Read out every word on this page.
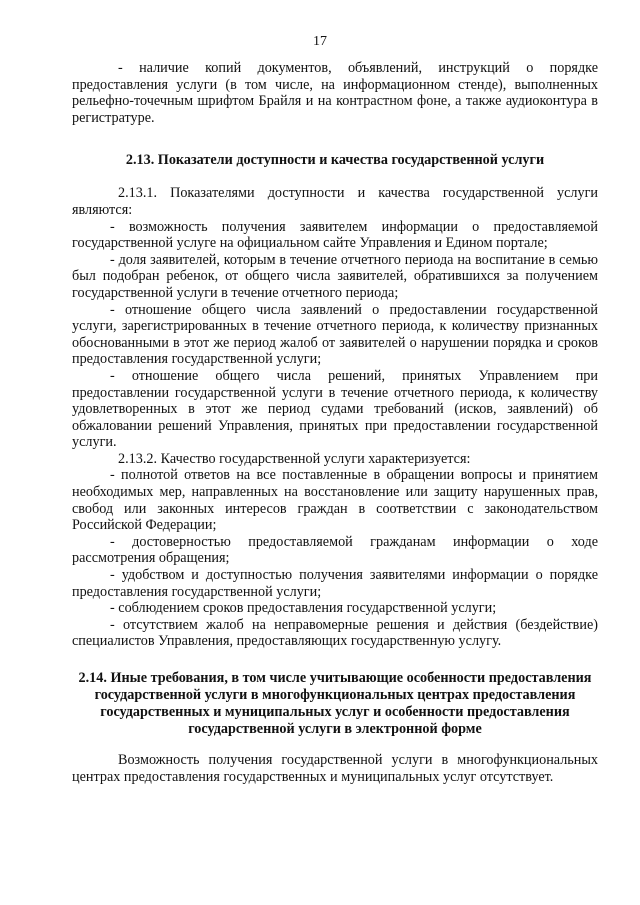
17

- наличие копий документов, объявлений, инструкций о порядке предоставления услуги (в том числе, на информационном стенде), выполненных рельефно-точечным шрифтом Брайля и на контрастном фоне, а также аудиоконтура в регистратуре.

2.13. Показатели доступности и качества государственной услуги

2.13.1. Показателями доступности и качества государственной услуги являются:

- возможность получения заявителем информации о предоставляемой государственной услуге на официальном сайте Управления и Едином портале;

- доля заявителей, которым в течение отчетного периода на воспитание в семью был подобран ребенок, от общего числа заявителей, обратившихся за получением государственной услуги в течение отчетного периода;

- отношение общего числа заявлений о предоставлении государственной услуги, зарегистрированных в течение отчетного периода, к количеству признанных обоснованными в этот же период жалоб от заявителей о нарушении порядка и сроков предоставления государственной услуги;

- отношение общего числа решений, принятых Управлением при предоставлении государственной услуги в течение отчетного периода, к количеству удовлетворенных в этот же период судами требований (исков, заявлений) об обжаловании решений Управления, принятых при предоставлении государственной услуги.

2.13.2. Качество государственной услуги характеризуется:

- полнотой ответов на все поставленные в обращении вопросы и принятием необходимых мер, направленных на восстановление или защиту нарушенных прав, свобод или законных интересов граждан в соответствии с законодательством Российской Федерации;

- достоверностью предоставляемой гражданам информации о ходе рассмотрения обращения;

- удобством и доступностью получения заявителями информации о порядке предоставления государственной услуги;

- соблюдением сроков предоставления государственной услуги;

- отсутствием жалоб на неправомерные решения и действия (бездействие) специалистов Управления, предоставляющих государственную услугу.

2.14. Иные требования, в том числе учитывающие особенности предоставления государственной услуги в многофункциональных центрах предоставления государственных и муниципальных услуг и особенности предоставления государственной услуги в электронной форме

Возможность получения государственной услуги в многофункциональных центрах предоставления государственных и муниципальных услуг отсутствует.
